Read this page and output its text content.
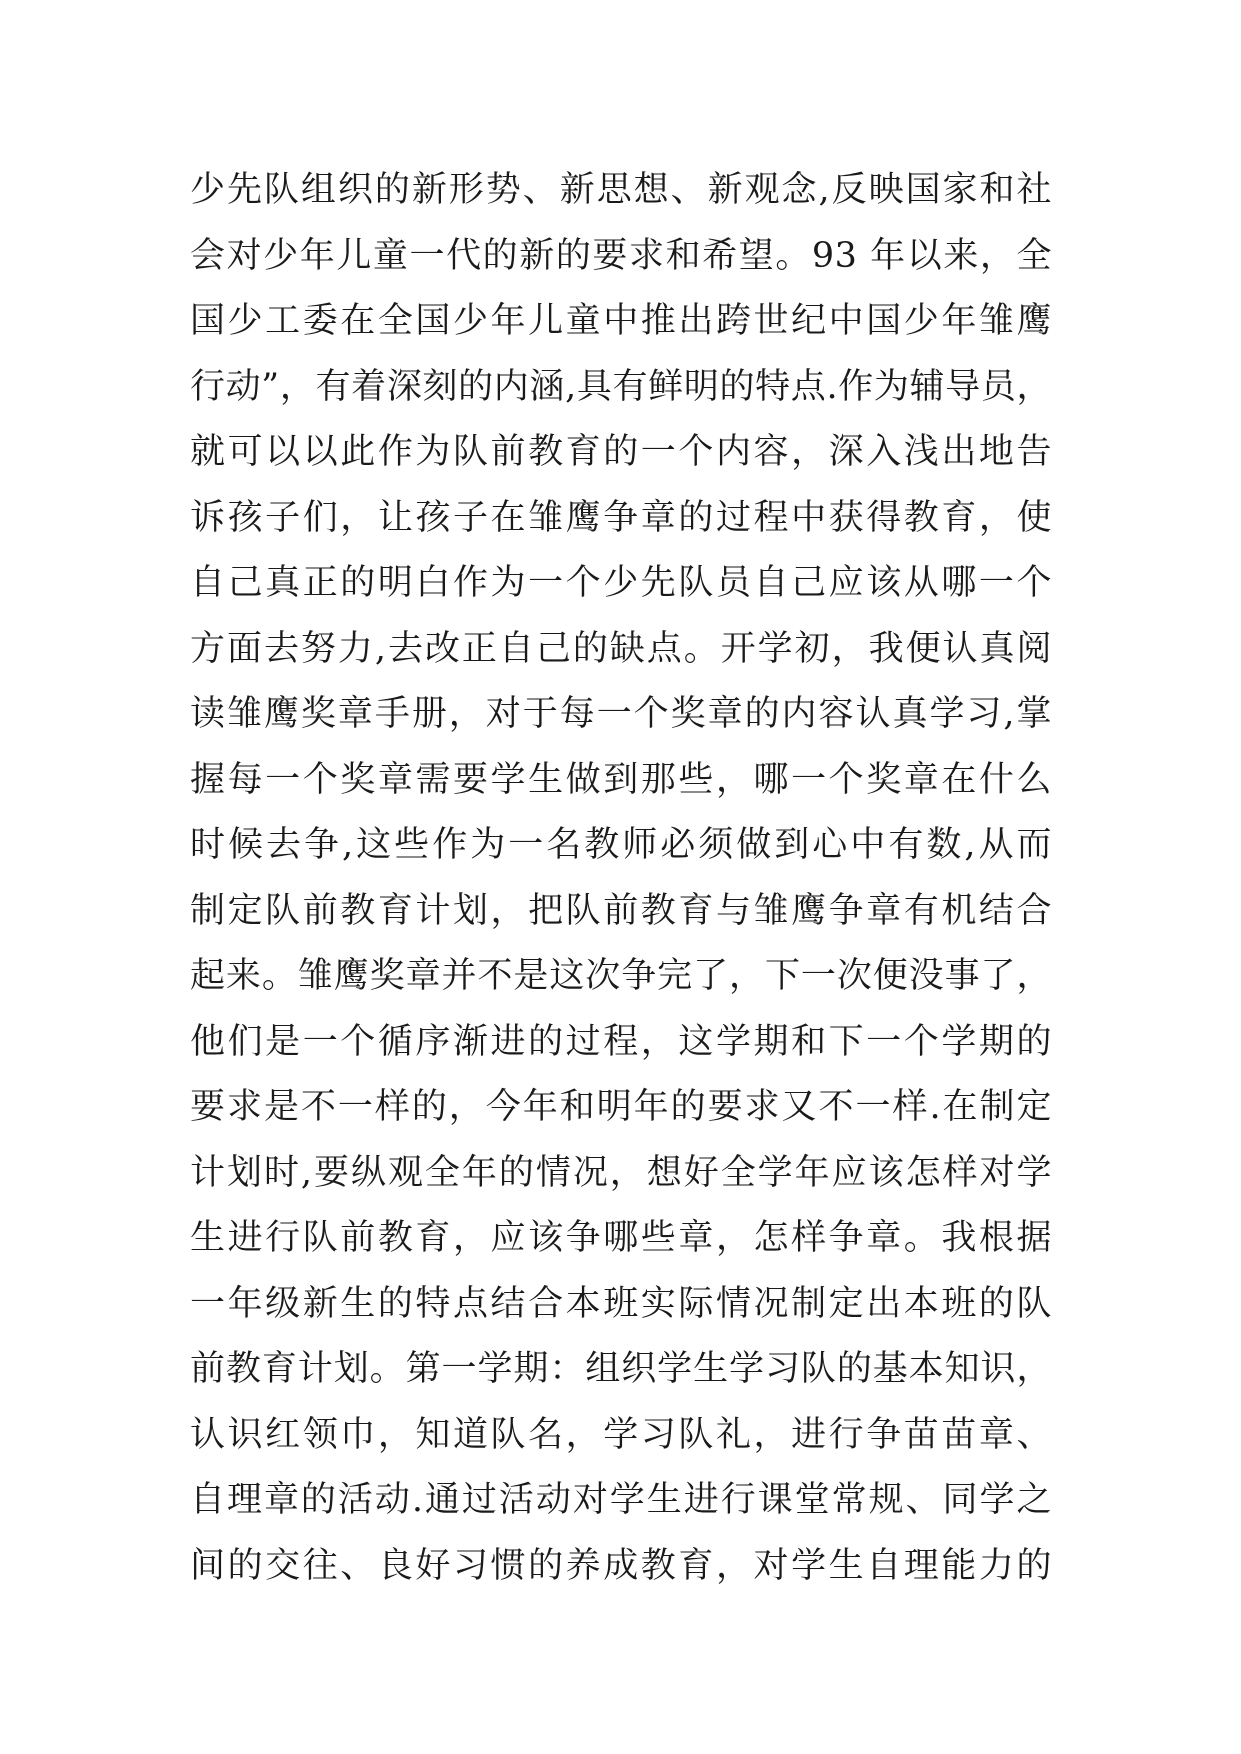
少先队组织的新形势、新思想、新观念,反映国家和社
会对少年儿童一代的新的要求和希望。93 年以来，全
国少工委在全国少年儿童中推出跨世纪中国少年雏鹰
行动”，有着深刻的内涵,具有鲜明的特点.作为辅导员，
就可以以此作为队前教育的一个内容，深入浅出地告
诉孩子们，让孩子在雏鹰争章的过程中获得教育，使
自己真正的明白作为一个少先队员自己应该从哪一个
方面去努力,去改正自己的缺点。开学初，我便认真阅
读雏鹰奖章手册，对于每一个奖章的内容认真学习,掌
握每一个奖章需要学生做到那些，哪一个奖章在什么
时候去争,这些作为一名教师必须做到心中有数,从而
制定队前教育计划，把队前教育与雏鹰争章有机结合
起来。雏鹰奖章并不是这次争完了，下一次便没事了，
他们是一个循序渐进的过程，这学期和下一个学期的
要求是不一样的，今年和明年的要求又不一样.在制定
计划时,要纵观全年的情况，想好全学年应该怎样对学
生进行队前教育，应该争哪些章，怎样争章。我根据
一年级新生的特点结合本班实际情况制定出本班的队
前教育计划。第一学期：组织学生学习队的基本知识，
认识红领巾，知道队名，学习队礼，进行争苗苗章、
自理章的活动.通过活动对学生进行课堂常规、同学之
间的交往、良好习惯的养成教育，对学生自理能力的
